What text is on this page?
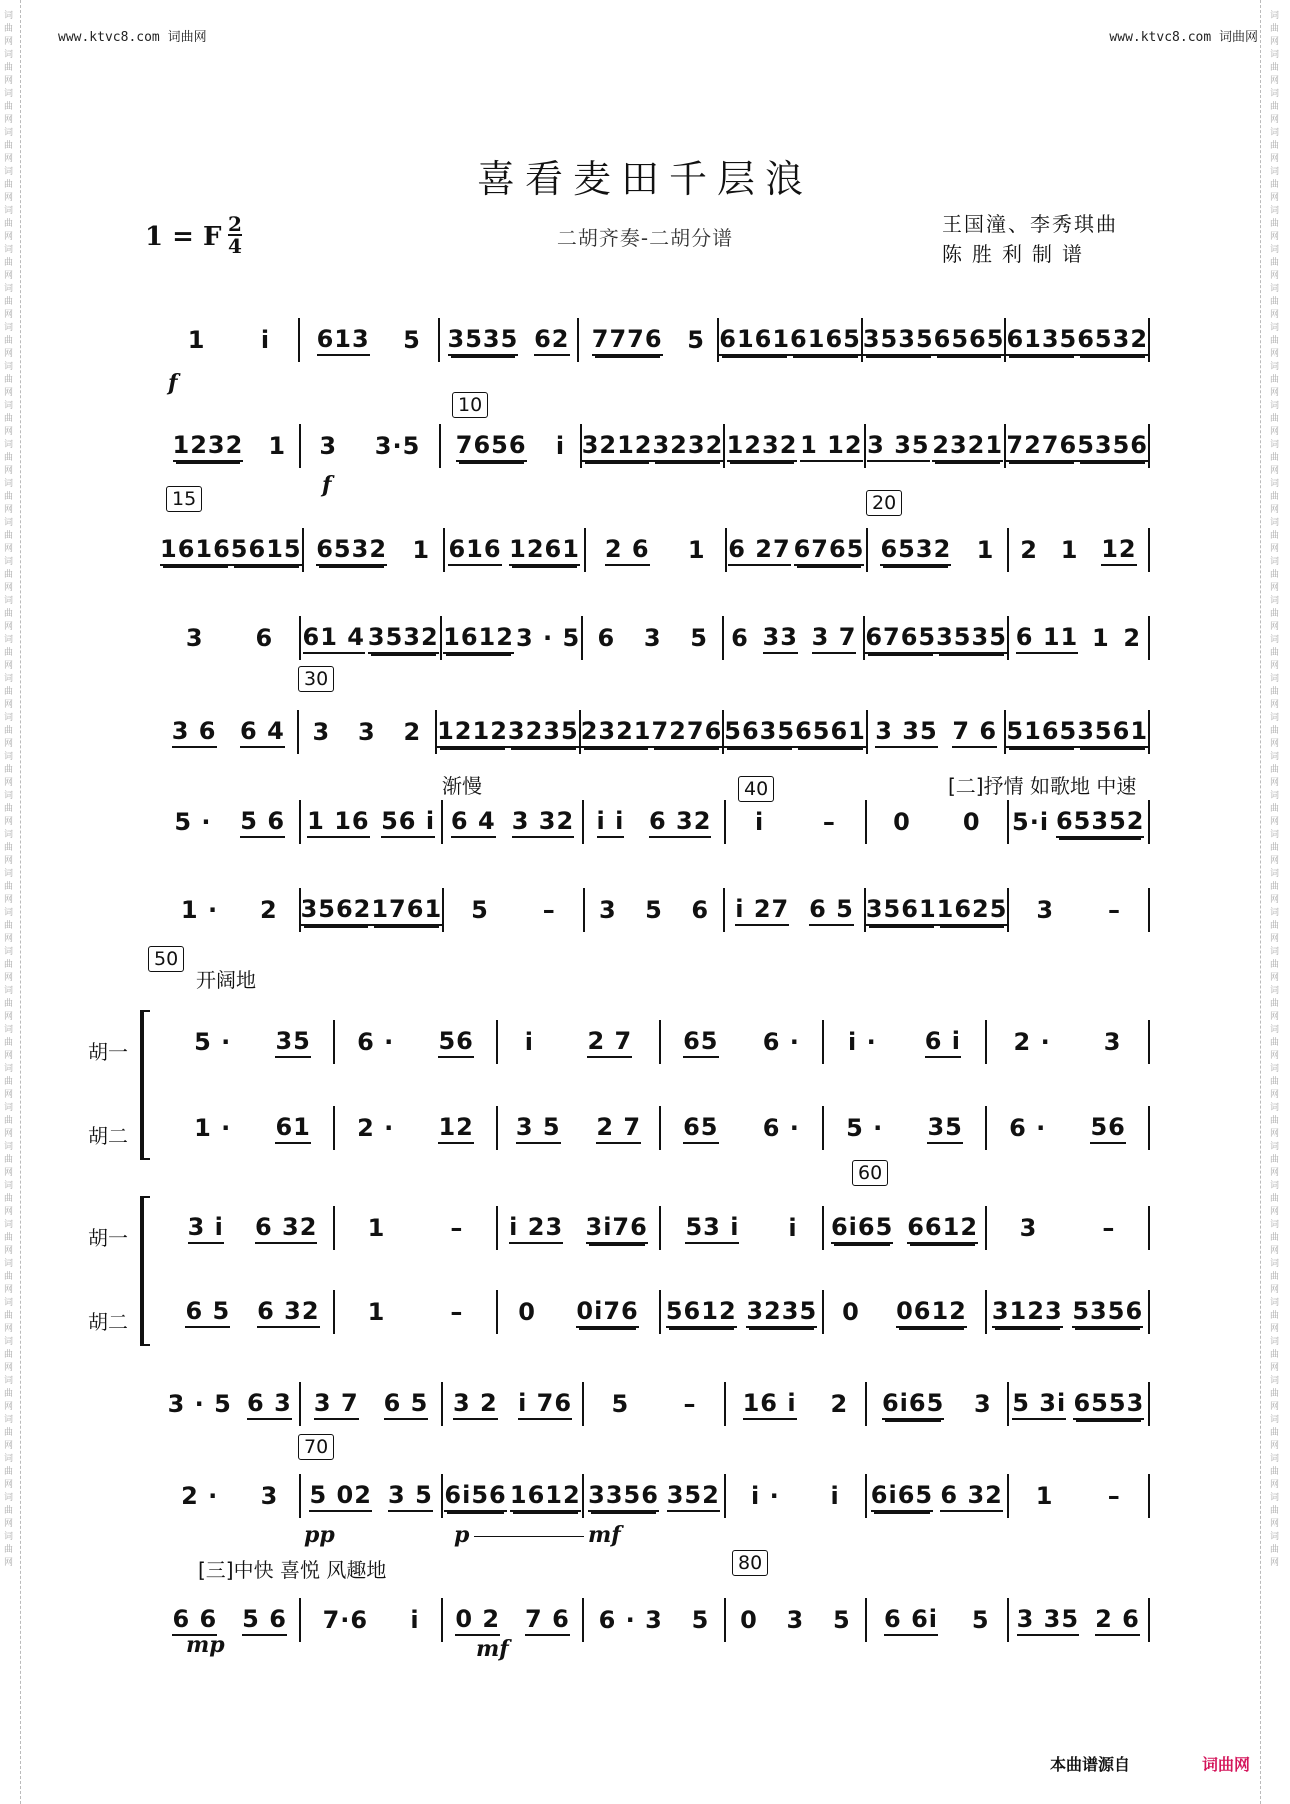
www.ktvc8.com 词曲网	www.ktvc8.com 词曲网
词曲网词曲网词曲网词曲网词曲网词曲网词曲网词曲网词曲网词曲网词曲网词曲网词曲网词曲网词曲网词曲网词曲网词曲网词曲网词曲网词曲网词曲网词曲网词曲网词曲网词曲网词曲网词曲网词曲网词曲网词曲网词曲网词曲网词曲网词曲网词曲网词曲网词曲网词曲网词曲网
词曲网词曲网词曲网词曲网词曲网词曲网词曲网词曲网词曲网词曲网词曲网词曲网词曲网词曲网词曲网词曲网词曲网词曲网词曲网词曲网词曲网词曲网词曲网词曲网词曲网词曲网词曲网词曲网词曲网词曲网词曲网词曲网词曲网词曲网词曲网词曲网词曲网词曲网词曲网词曲网
喜看麦田千层浪
1 = F $\frac{2}{4}$	二胡齐奏-二胡分谱
王国潼、李秀琪曲
陈胜利制谱
1 i 613 5 3535 62 7776 5 6161 6165 3535 6565 6135 6532
1232 1 3 3·5 7656 i 3212 3232 1232 1 12 3 35 2321 7276 5356
1616 5615 6532 1 616 1261 2 6 1 6 27 6765 6532 1 2 1 12
3 6 61 4 3532 1612 3 · 5 6 3 5 6 33 3 7 6765 3535 6 11 1 2
3 6 6 4 3 3 2 1212 3235 2321 7276 5635 6561 3 35 7 6 5165 3561
5 · 5 6 1 16 56 i 6 4 3 32 i i 6 32 i – 0 0 5·i 65352
1 · 2 3562 1761 5 – 3 5 6 i 27 6 5 3561 1625 3 –
5 · 35 6 · 56 i 2 7 65 6 · i · 6 i 2 · 3
1 · 61 2 · 12 3 5 2 7 65 6 · 5 · 35 6 · 56
3 i 6 32 1	– i 23 3i76 53 i i 6i65 6612 3	–
6 5 6 32 1	– 0 0i76 5612 3235 0 0612 3123 5356
3 · 5 6 3 3 7 6 5 3 2 i 76 5 – 16 i 2 6i65 3 5 3i 6553
2 · 3 5 02 3 5 6i56 1612 3356 352 i · i 6i65 6 32 1 –
6 6 5 6 7·6 i 0 2 7 6 6 · 3 5 0 3 5 6 6i 5 3 35 2 6
10
15	20
30
40
50
60
70
80
渐慢	[二]抒情 如歌地 中速
开阔地
[三]中快 喜悦 风趣地
f
f
pp	p	mf
mp	mf
胡一
胡二
胡一
胡二
本曲谱源自	词曲网
